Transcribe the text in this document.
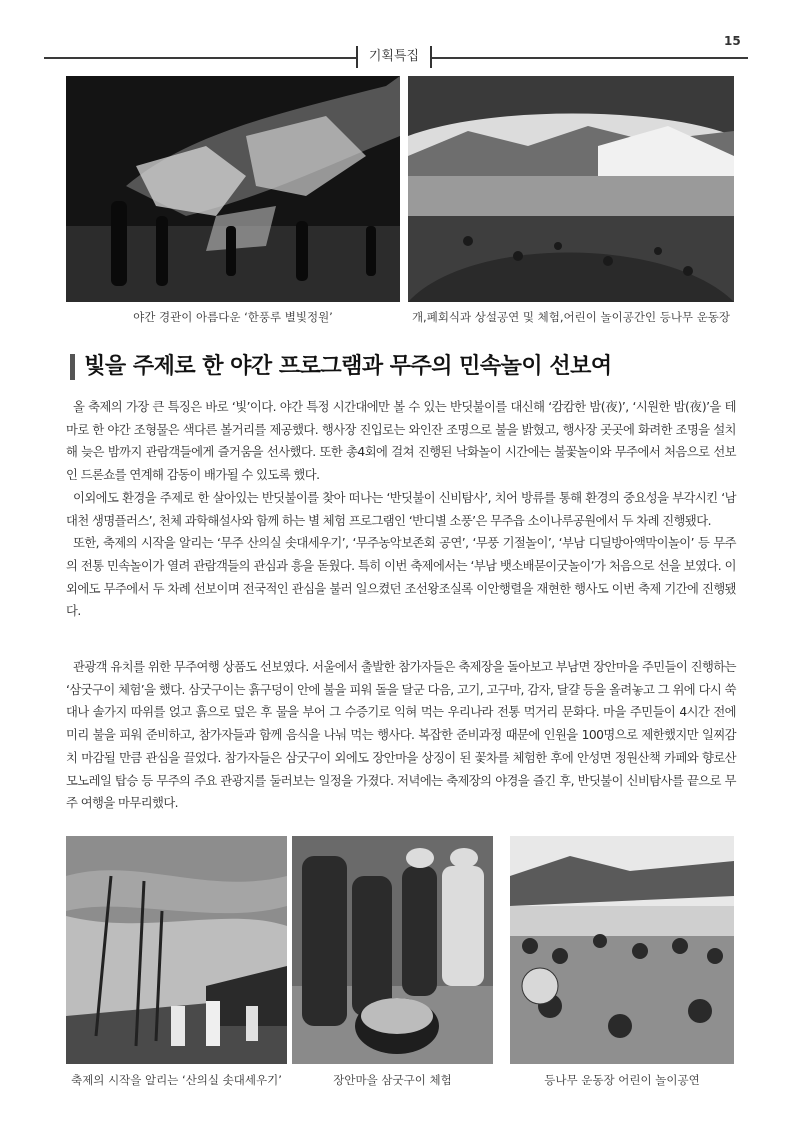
15
기획특집
야간 경관이 아름다운 ‘한풍루 별빛정원’	개,폐회식과 상설공연 및 체험,어린이 놀이공간인 등나무 운동장
빛을 주제로 한 야간 프로그램과 무주의 민속놀이 선보여

올 축제의 가장 큰 특징은 바로 ‘빛’이다. 야간 특정 시간대에만 볼 수 있는 반딧불이를 대신해 ‘캄캄한 밤(夜)’, ‘시원한 밤(夜)’을 테마로 한 야간 조형물은 색다른 볼거리를 제공했다. 행사장 진입로는 와인잔 조명으로 불을 밝혔고, 행사장 곳곳에 화려한 조명을 설치해 늦은 밤까지 관람객들에게 즐거움을 선사했다. 또한 총4회에 걸쳐 진행된 낙화놀이 시간에는 불꽃놀이와 무주에서 처음으로 선보인 드론쇼를 연계해 감동이 배가될 수 있도록 했다.

이외에도 환경을 주제로 한 살아있는 반딧불이를 찾아 떠나는 ‘반딧불이 신비탐사’, 치어 방류를 통해 환경의 중요성을 부각시킨 ‘남대천 생명플러스’, 천체 과학해설사와 함께 하는 별 체험 프로그램인 ‘반디별 소풍’은 무주읍 소이나루공원에서 두 차례 진행됐다.

또한, 축제의 시작을 알리는 ‘무주 산의실 솟대세우기’, ‘무주농악보존회 공연’, ‘무풍 기절놀이’, ‘부남 디딜방아액막이놀이’ 등 무주의 전통 민속놀이가 열려 관람객들의 관심과 흥을 돋웠다. 특히 이번 축제에서는 ‘부남 뱃소배묻이굿놀이’가 처음으로 선을 보였다. 이 외에도 무주에서 두 차례 선보이며 전국적인 관심을 불러 일으켰던 조선왕조실록 이안행렬을 재현한 행사도 이번 축제 기간에 진행됐다.

관광객 유치를 위한 무주여행 상품도 선보였다. 서울에서 출발한 참가자들은 축제장을 돌아보고 부남면 장안마을 주민들이 진행하는 ‘삼굿구이 체험’을 했다. 삼굿구이는 흙구덩이 안에 불을 피워 돌을 달군 다음, 고기, 고구마, 감자, 달걀 등을 올려놓고 그 위에 다시 쑥대나 솔가지 따위를 얹고 흙으로 덮은 후 물을 부어 그 수증기로 익혀 먹는 우리나라 전통 먹거리 문화다. 마을 주민들이 4시간 전에 미리 불을 피워 준비하고, 참가자들과 함께 음식을 나눠 먹는 행사다. 복잡한 준비과정 때문에 인원을 100명으로 제한했지만 일찌감치 마감될 만큼 관심을 끌었다. 참가자들은 삼굿구이 외에도 장안마을 상징이 된 꽃차를 체험한 후에 안성면 정원산책 카페와 향로산 모노레일 탑승 등 무주의 주요 관광지를 둘러보는 일정을 가졌다. 저녁에는 축제장의 야경을 즐긴 후, 반딧불이 신비탐사를 끝으로 무주 여행을 마무리했다.

축제의 시작을 알리는 ‘산의실 솟대세우기’	장안마을 삼굿구이 체험	등나무 운동장 어린이 놀이공연
